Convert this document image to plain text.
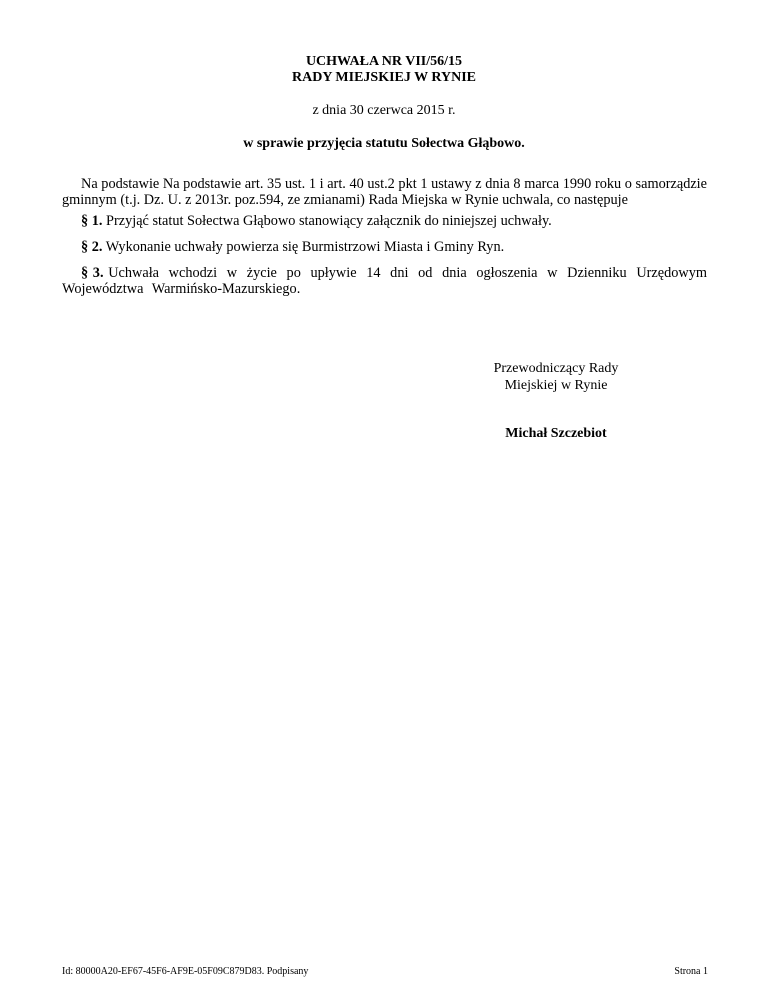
UCHWAŁA NR VII/56/15
RADY MIEJSKIEJ W RYNIE
z dnia 30 czerwca 2015 r.
w sprawie przyjęcia statutu Sołectwa Głąbowo.
Na podstawie Na podstawie art. 35 ust. 1 i art. 40 ust.2 pkt 1 ustawy z dnia 8 marca 1990 roku o samorządzie gminnym (t.j. Dz. U. z 2013r. poz.594, ze zmianami) Rada Miejska w Rynie uchwala, co następuje
§ 1. Przyjąć statut Sołectwa Głąbowo stanowiący załącznik do niniejszej uchwały.
§ 2. Wykonanie uchwały powierza się Burmistrzowi Miasta i Gminy Ryn.
§ 3. Uchwała wchodzi w życie po upływie 14 dni od dnia ogłoszenia w Dzienniku Urzędowym Województwa Warmińsko-Mazurskiego.
Przewodniczący Rady
Miejskiej w Rynie
Michał Szczebiot
Id: 80000A20-EF67-45F6-AF9E-05F09C879D83. Podpisany	Strona 1
